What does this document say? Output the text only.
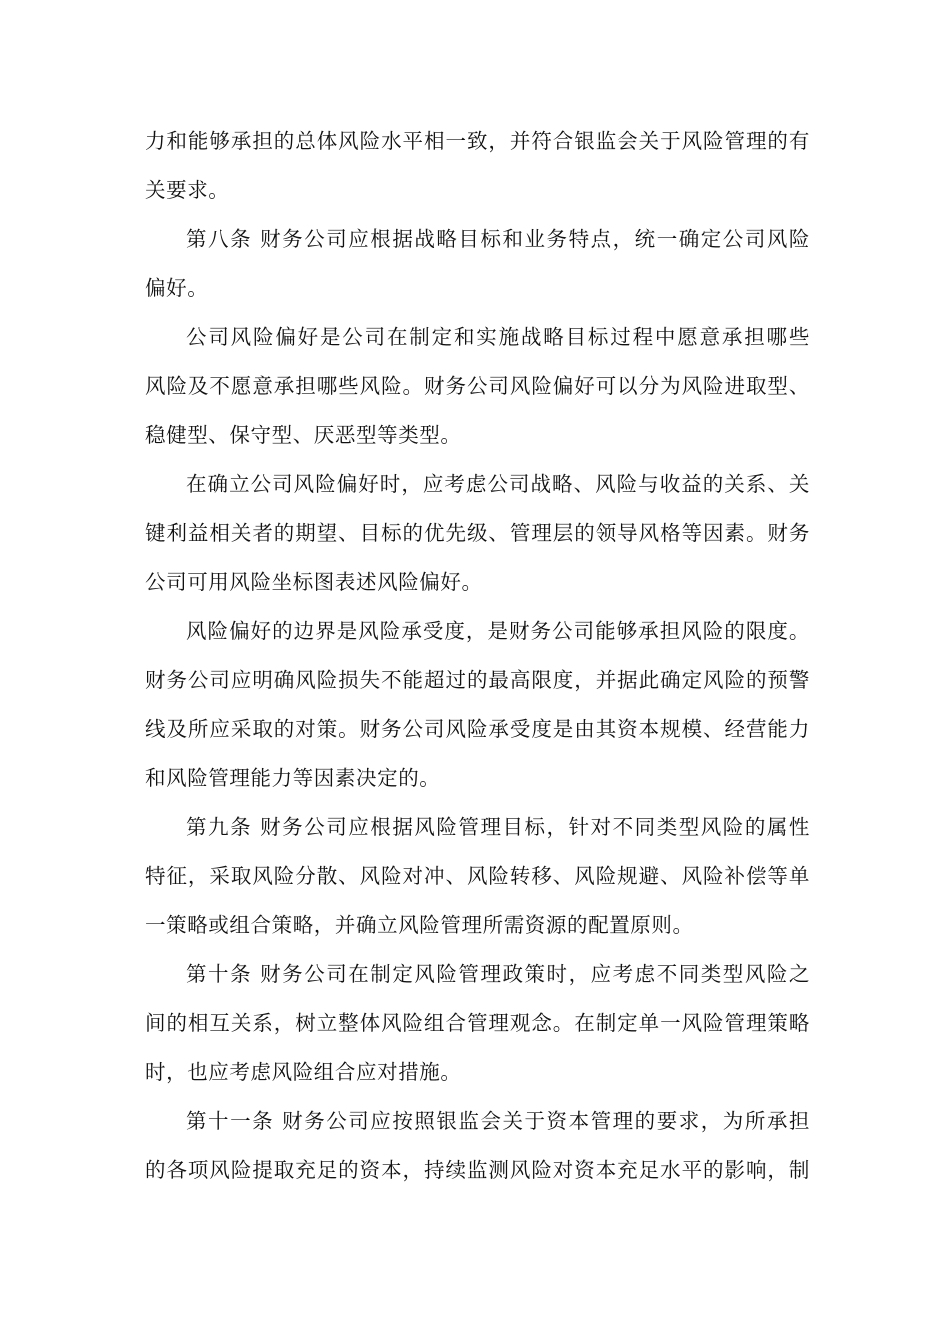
力和能够承担的总体风险水平相一致，并符合银监会关于风险管理的有
关要求。

第八条 财务公司应根据战略目标和业务特点，统一确定公司风险
偏好。

公司风险偏好是公司在制定和实施战略目标过程中愿意承担哪些
风险及不愿意承担哪些风险。财务公司风险偏好可以分为风险进取型、
稳健型、保守型、厌恶型等类型。

在确立公司风险偏好时，应考虑公司战略、风险与收益的关系、关
键利益相关者的期望、目标的优先级、管理层的领导风格等因素。财务
公司可用风险坐标图表述风险偏好。

风险偏好的边界是风险承受度，是财务公司能够承担风险的限度。
财务公司应明确风险损失不能超过的最高限度，并据此确定风险的预警
线及所应采取的对策。财务公司风险承受度是由其资本规模、经营能力
和风险管理能力等因素决定的。

第九条 财务公司应根据风险管理目标，针对不同类型风险的属性
特征，采取风险分散、风险对冲、风险转移、风险规避、风险补偿等单
一策略或组合策略，并确立风险管理所需资源的配置原则。

第十条 财务公司在制定风险管理政策时，应考虑不同类型风险之
间的相互关系，树立整体风险组合管理观念。在制定单一风险管理策略
时，也应考虑风险组合应对措施。

第十一条 财务公司应按照银监会关于资本管理的要求，为所承担
的各项风险提取充足的资本，持续监测风险对资本充足水平的影响，制
